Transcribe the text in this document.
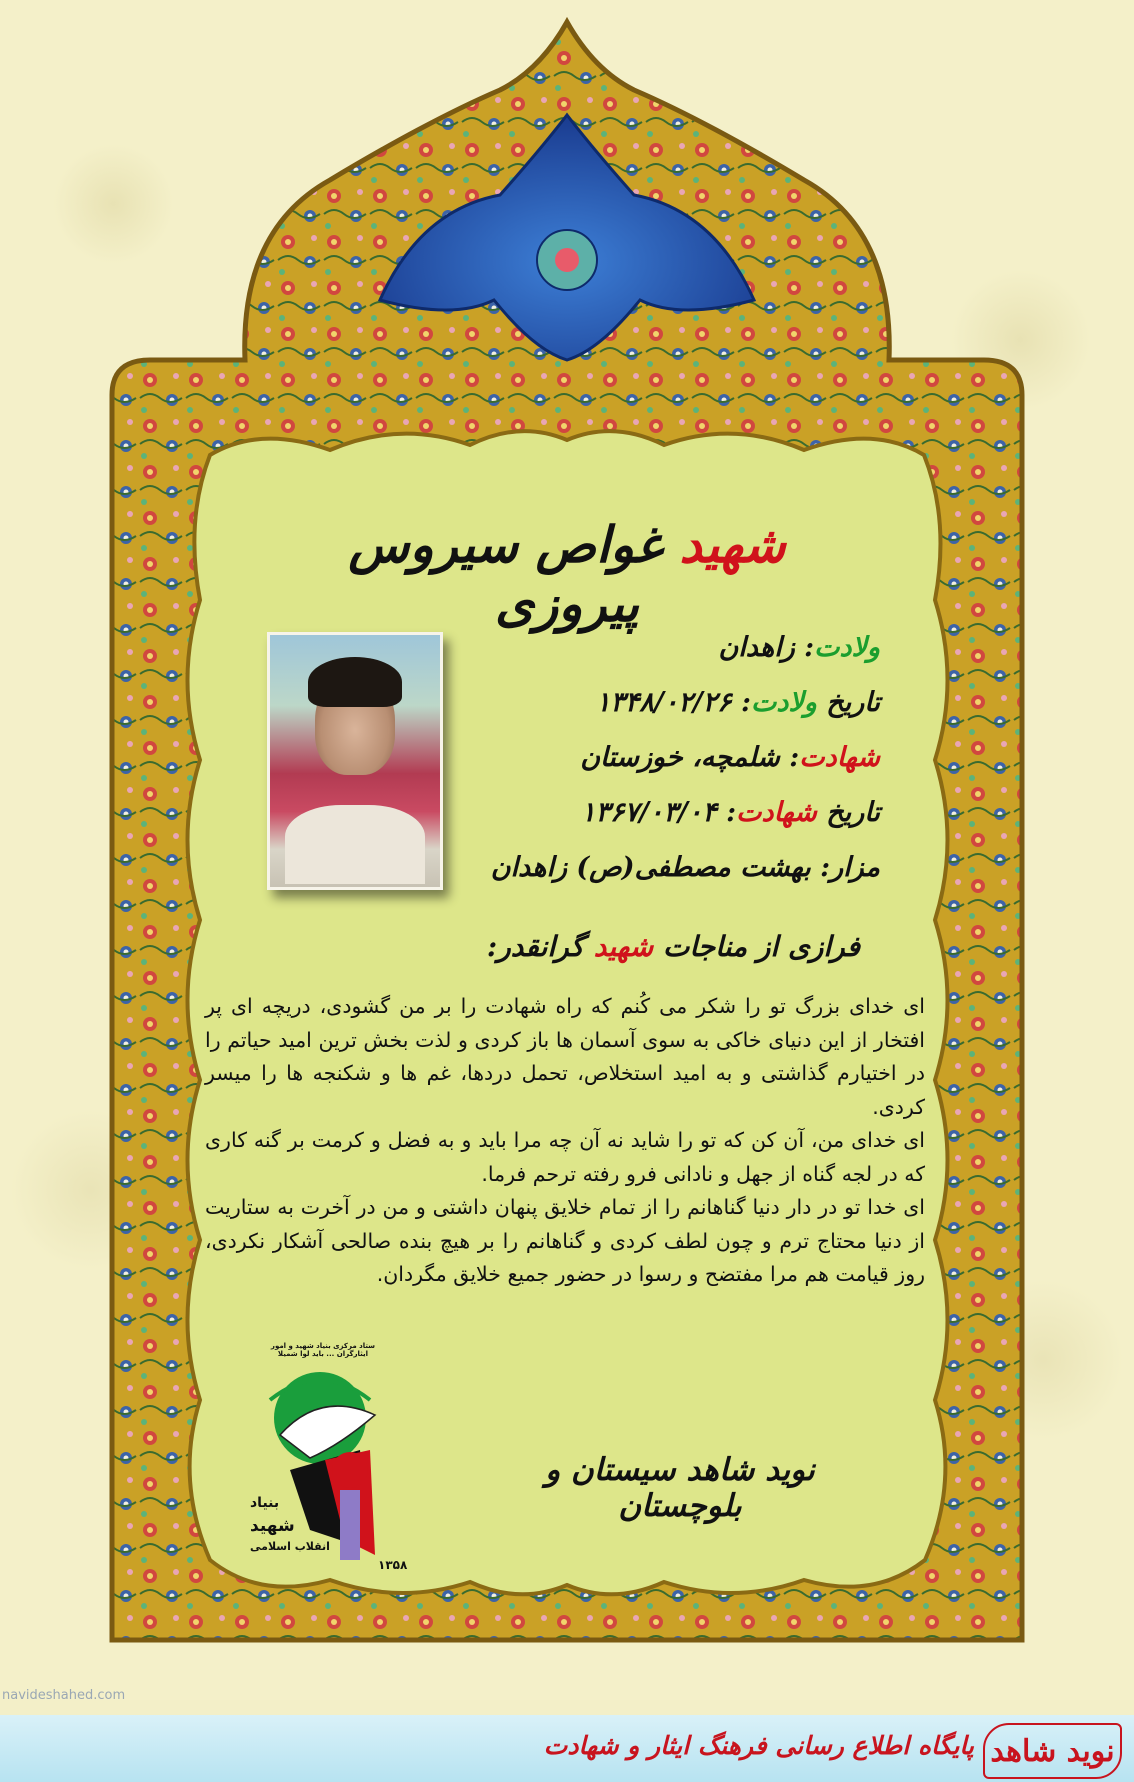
شهید غواص سیروس پیروزی
ولادت: زاهدان
تاریخ ولادت: ۱۳۴۸/۰۲/۲۶
شهادت: شلمچه، خوزستان
تاریخ شهادت: ۱۳۶۷/۰۳/۰۴
مزار: بهشت مصطفی(ص) زاهدان
فرازی از مناجات شهید گرانقدر:

ای خدای بزرگ تو را شکر می کُنم که راه شهادت را بر من گشودی، دریچه ای پر افتخار از این دنیای خاکی به سوی آسمان ها باز کردی و لذت بخش ترین امید حیاتم را در اختیارم گذاشتی و به امید استخلاص، تحمل دردها، غم ها و شکنجه ها را میسر کردی.

ای خدای من، آن کن که تو را شاید نه آن چه مرا باید و به فضل و کرمت بر گنه کاری که در لجه گناه از جهل و نادانی فرو رفته ترحم فرما.

ای خدا تو در دار دنیا گناهانم را از تمام خلایق پنهان داشتی و من در آخرت به ستاریت از دنیا محتاج ترم و چون لطف کردی و گناهانم را بر هیچ بنده صالحی آشکار نکردی، روز قیامت هم مرا مفتضح و رسوا در حضور جمیع خلایق مگردان.

ستاد مرکزی بنیاد شهید و امور ایثارگران ... باید لوا شمیلا
بنیاد
شهید
انقلاب اسلامی
۱۳۵۸
نوید شاهد سیستان و بلوچستان
navideshahed.com
پایگاه اطلاع رسانی فرهنگ ایثار و شهادت نوید شاهد
